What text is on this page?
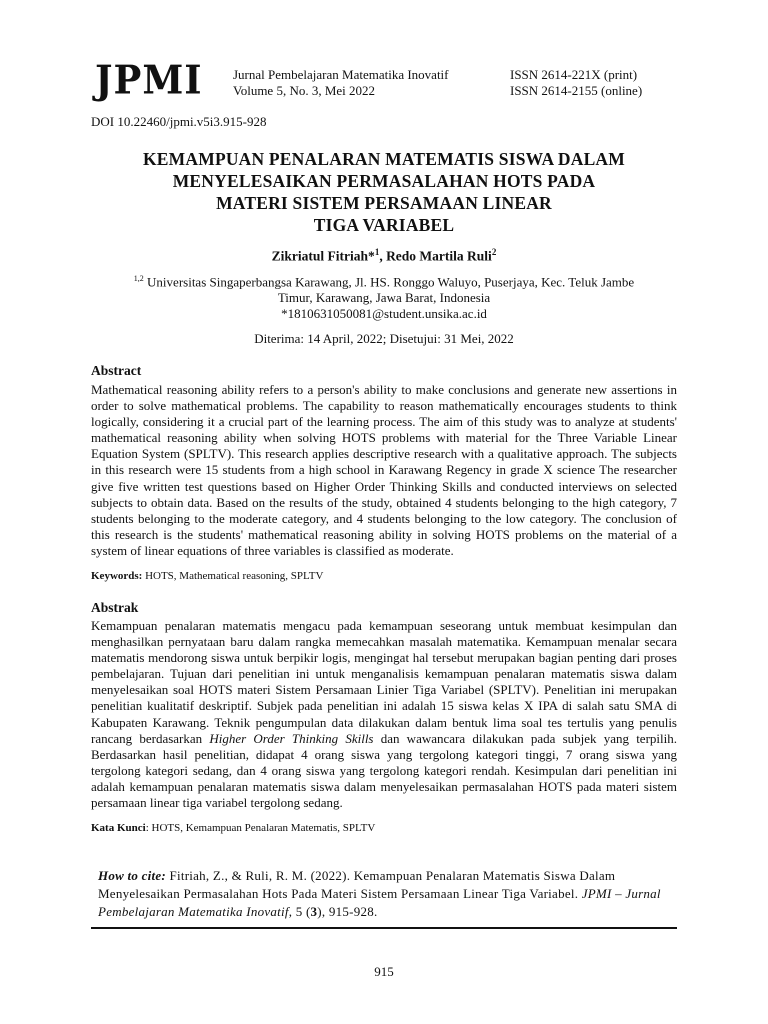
JPMI Jurnal Pembelajaran Matematika Inovatif
Volume 5, No. 3, Mei 2022
ISSN 2614-221X (print)
ISSN 2614-2155 (online)
DOI 10.22460/jpmi.v5i3.915-928
KEMAMPUAN PENALARAN MATEMATIS SISWA DALAM
MENYELESAIKAN PERMASALAHAN HOTS PADA
MATERI SISTEM PERSAMAAN LINEAR
TIGA VARIABEL
Zikriatul Fitriah*$^1$, Redo Martila Ruli$^2$
$^{1,2}$ Universitas Singaperbangsa Karawang, Jl. HS. Ronggo Waluyo, Puserjaya, Kec. Teluk Jambe
Timur, Karawang, Jawa Barat, Indonesia
*1810631050081@student.unsika.ac.id
Diterima: 14 April, 2022; Disetujui: 31 Mei, 2022
Abstract
Mathematical reasoning ability refers to a person's ability to make conclusions and generate new assertions in order to solve mathematical problems. The capability to reason mathematically encourages students to think logically, considering it a crucial part of the learning process. The aim of this study was to analyze at students' mathematical reasoning ability when solving HOTS problems with material for the Three Variable Linear Equation System (SPLTV). This research applies descriptive research with a qualitative approach. The subjects in this research were 15 students from a high school in Karawang Regency in grade X science The researcher give five written test questions based on Higher Order Thinking Skills and conducted interviews on selected subjects to obtain data. Based on the results of the study, obtained 4 students belonging to the high category, 7 students belonging to the moderate category, and 4 students belonging to the low category. The conclusion of this research is the students' mathematical reasoning ability in solving HOTS problems on the material of a system of linear equations of three variables is classified as moderate.
Keywords: HOTS, Mathematical reasoning, SPLTV
Abstrak
Kemampuan penalaran matematis mengacu pada kemampuan seseorang untuk membuat kesimpulan dan menghasilkan pernyataan baru dalam rangka memecahkan masalah matematika. Kemampuan menalar secara matematis mendorong siswa untuk berpikir logis, mengingat hal tersebut merupakan bagian penting dari proses pembelajaran. Tujuan dari penelitian ini untuk menganalisis kemampuan penalaran matematis siswa dalam menyelesaikan soal HOTS materi Sistem Persamaan Linier Tiga Variabel (SPLTV). Penelitian ini merupakan penelitian kualitatif deskriptif. Subjek pada penelitian ini adalah 15 siswa kelas X IPA di salah satu SMA di Kabupaten Karawang. Teknik pengumpulan data dilakukan dalam bentuk lima soal tes tertulis yang penulis rancang berdasarkan Higher Order Thinking Skills dan wawancara dilakukan pada subjek yang terpilih. Berdasarkan hasil penelitian, didapat 4 orang siswa yang tergolong kategori tinggi, 7 orang siswa yang tergolong kategori sedang, dan 4 orang siswa yang tergolong kategori rendah. Kesimpulan dari penelitian ini adalah kemampuan penalaran matematis siswa dalam menyelesaikan permasalahan HOTS pada materi sistem persamaan linear tiga variabel tergolong sedang.
Kata Kunci: HOTS, Kemampuan Penalaran Matematis, SPLTV
How to cite: Fitriah, Z., & Ruli, R. M. (2022). Kemampuan Penalaran Matematis Siswa Dalam Menyelesaikan Permasalahan Hots Pada Materi Sistem Persamaan Linear Tiga Variabel. JPMI – Jurnal Pembelajaran Matematika Inovatif, 5 (3), 915-928.
915
